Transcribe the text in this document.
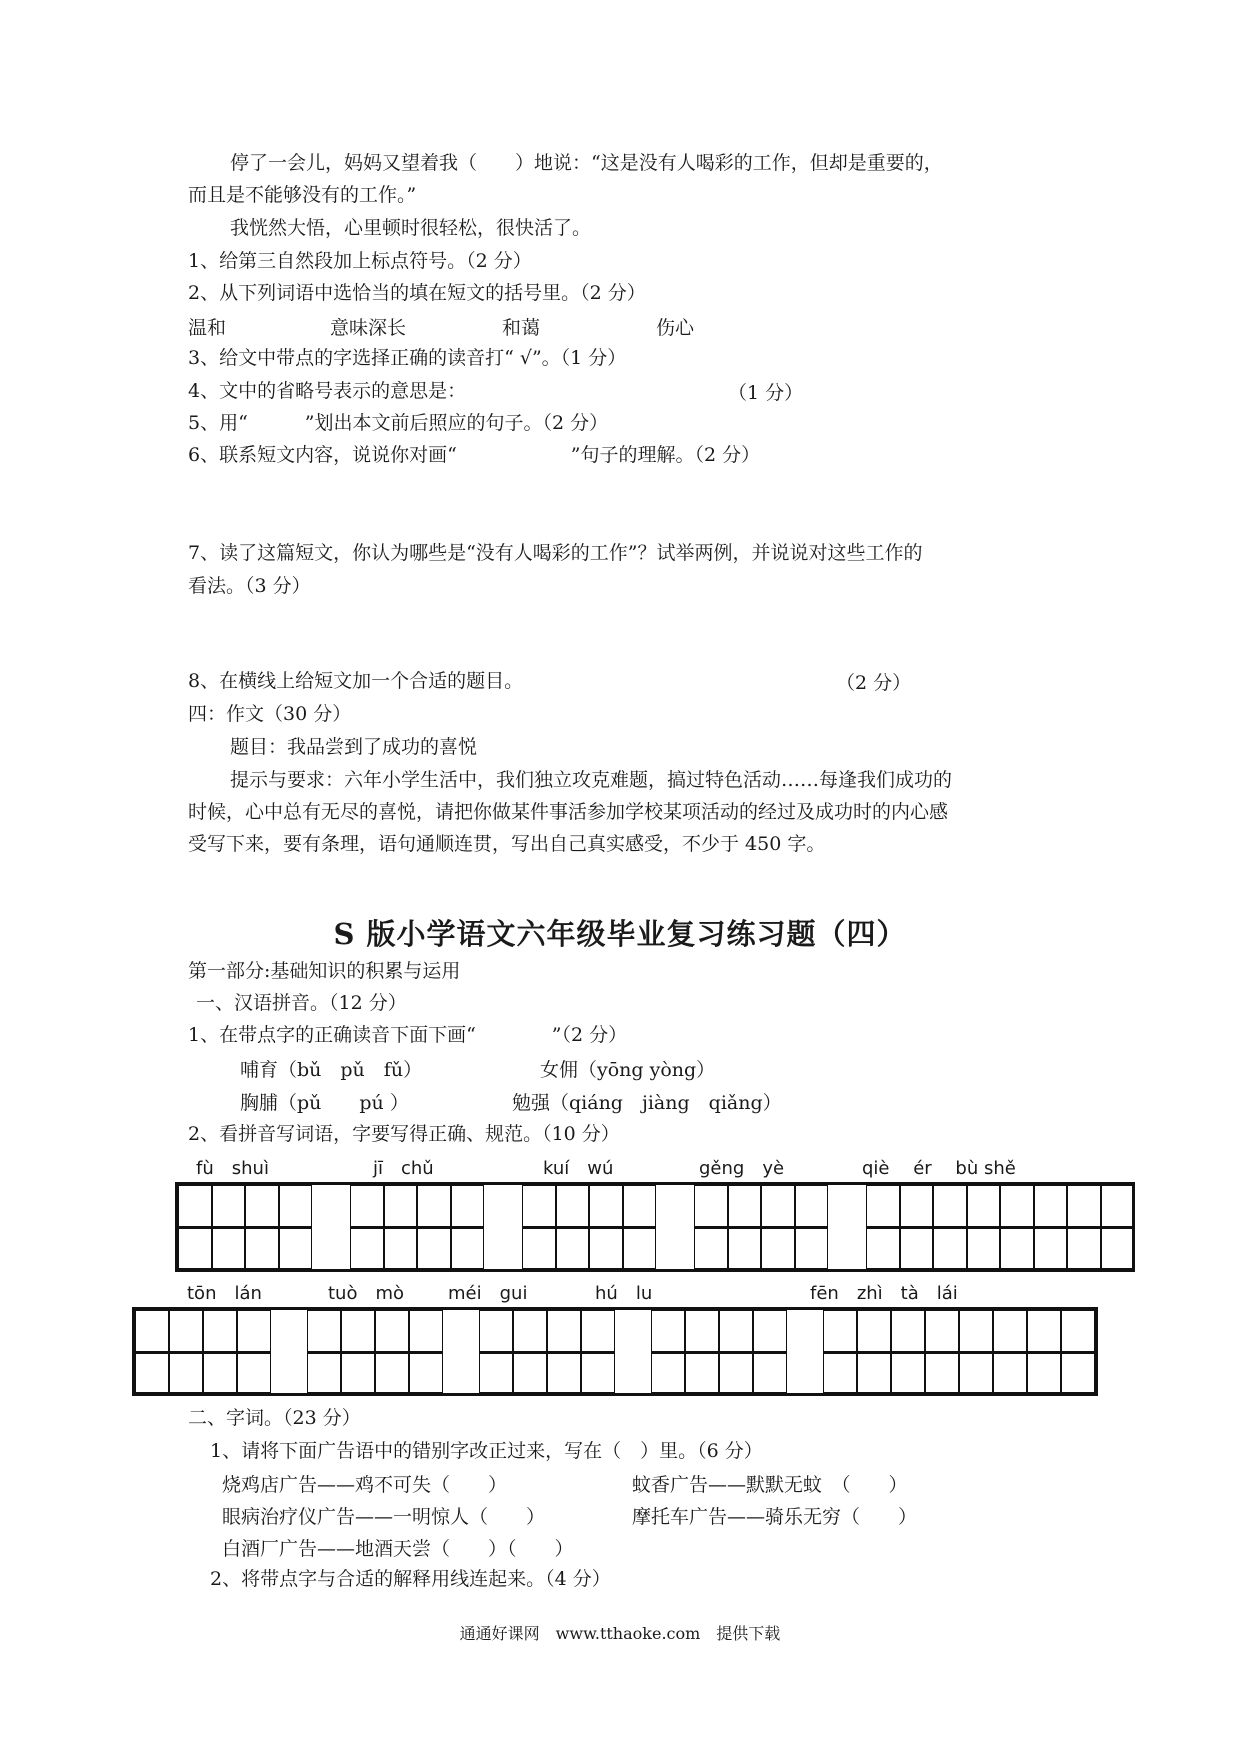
停了一会儿，妈妈又望着我（　　）地说：“这是没有人喝彩的工作，但却是重要的，
而且是不能够没有的工作。”
我恍然大悟，心里顿时很轻松，很快活了。
1、给第三自然段加上标点符号。（2 分）
2、从下列词语中选恰当的填在短文的括号里。（2 分）
温和	意味深长	和蔼	伤心
3、给文中带点的字选择正确的读音打“ √”。（1 分）
4、文中的省略号表示的意思是：	（1 分）
5、用“　　　”划出本文前后照应的句子。（2 分）
6、联系短文内容，说说你对画“　　　　　　”句子的理解。（2 分）
7、读了这篇短文，你认为哪些是“没有人喝彩的工作”？试举两例，并说说对这些工作的
看法。（3 分）
8、在横线上给短文加一个合适的题目。	（2 分）
四：作文（30 分）
题目：我品尝到了成功的喜悦
提示与要求：六年小学生活中，我们独立攻克难题，搞过特色活动……每逢我们成功的
时候，心中总有无尽的喜悦，请把你做某件事活参加学校某项活动的经过及成功时的内心感
受写下来，要有条理，语句通顺连贯，写出自己真实感受，不少于 450 字。
S 版小学语文六年级毕业复习练习题（四）
第一部分:基础知识的积累与运用
一、汉语拼音。（12 分）
1、在带点字的正确读音下面下画“　　　　”（2 分）
哺育（bǔ　pǔ　fǔ）	女佣（yōng yòng）
胸脯（pǔ　　pú ）	勉强（qiáng　jiàng　qiǎng）
2、看拼音写词语，字要写得正确、规范。（10 分）
fù　shuì	jī　chǔ	kuí　wú	gěng　yè	qiè　 ér　 bù shě
tōn　lán	tuò　mò méi　gui	hú　lu	fēn　zhì　tà　lái
二、字词。（23 分）
1、请将下面广告语中的错别字改正过来，写在（　）里。（6 分）
烧鸡店广告——鸡不可失（　　）	蚊香广告——默默无蚊　（　　）
眼病治疗仪广告——一明惊人（　　）	摩托车广告——骑乐无穷（　　）
白酒厂广告——地酒天尝（　　）（　　）
2、将带点字与合适的解释用线连起来。（4 分）
通通好课网　www.tthaoke.com　提供下载
